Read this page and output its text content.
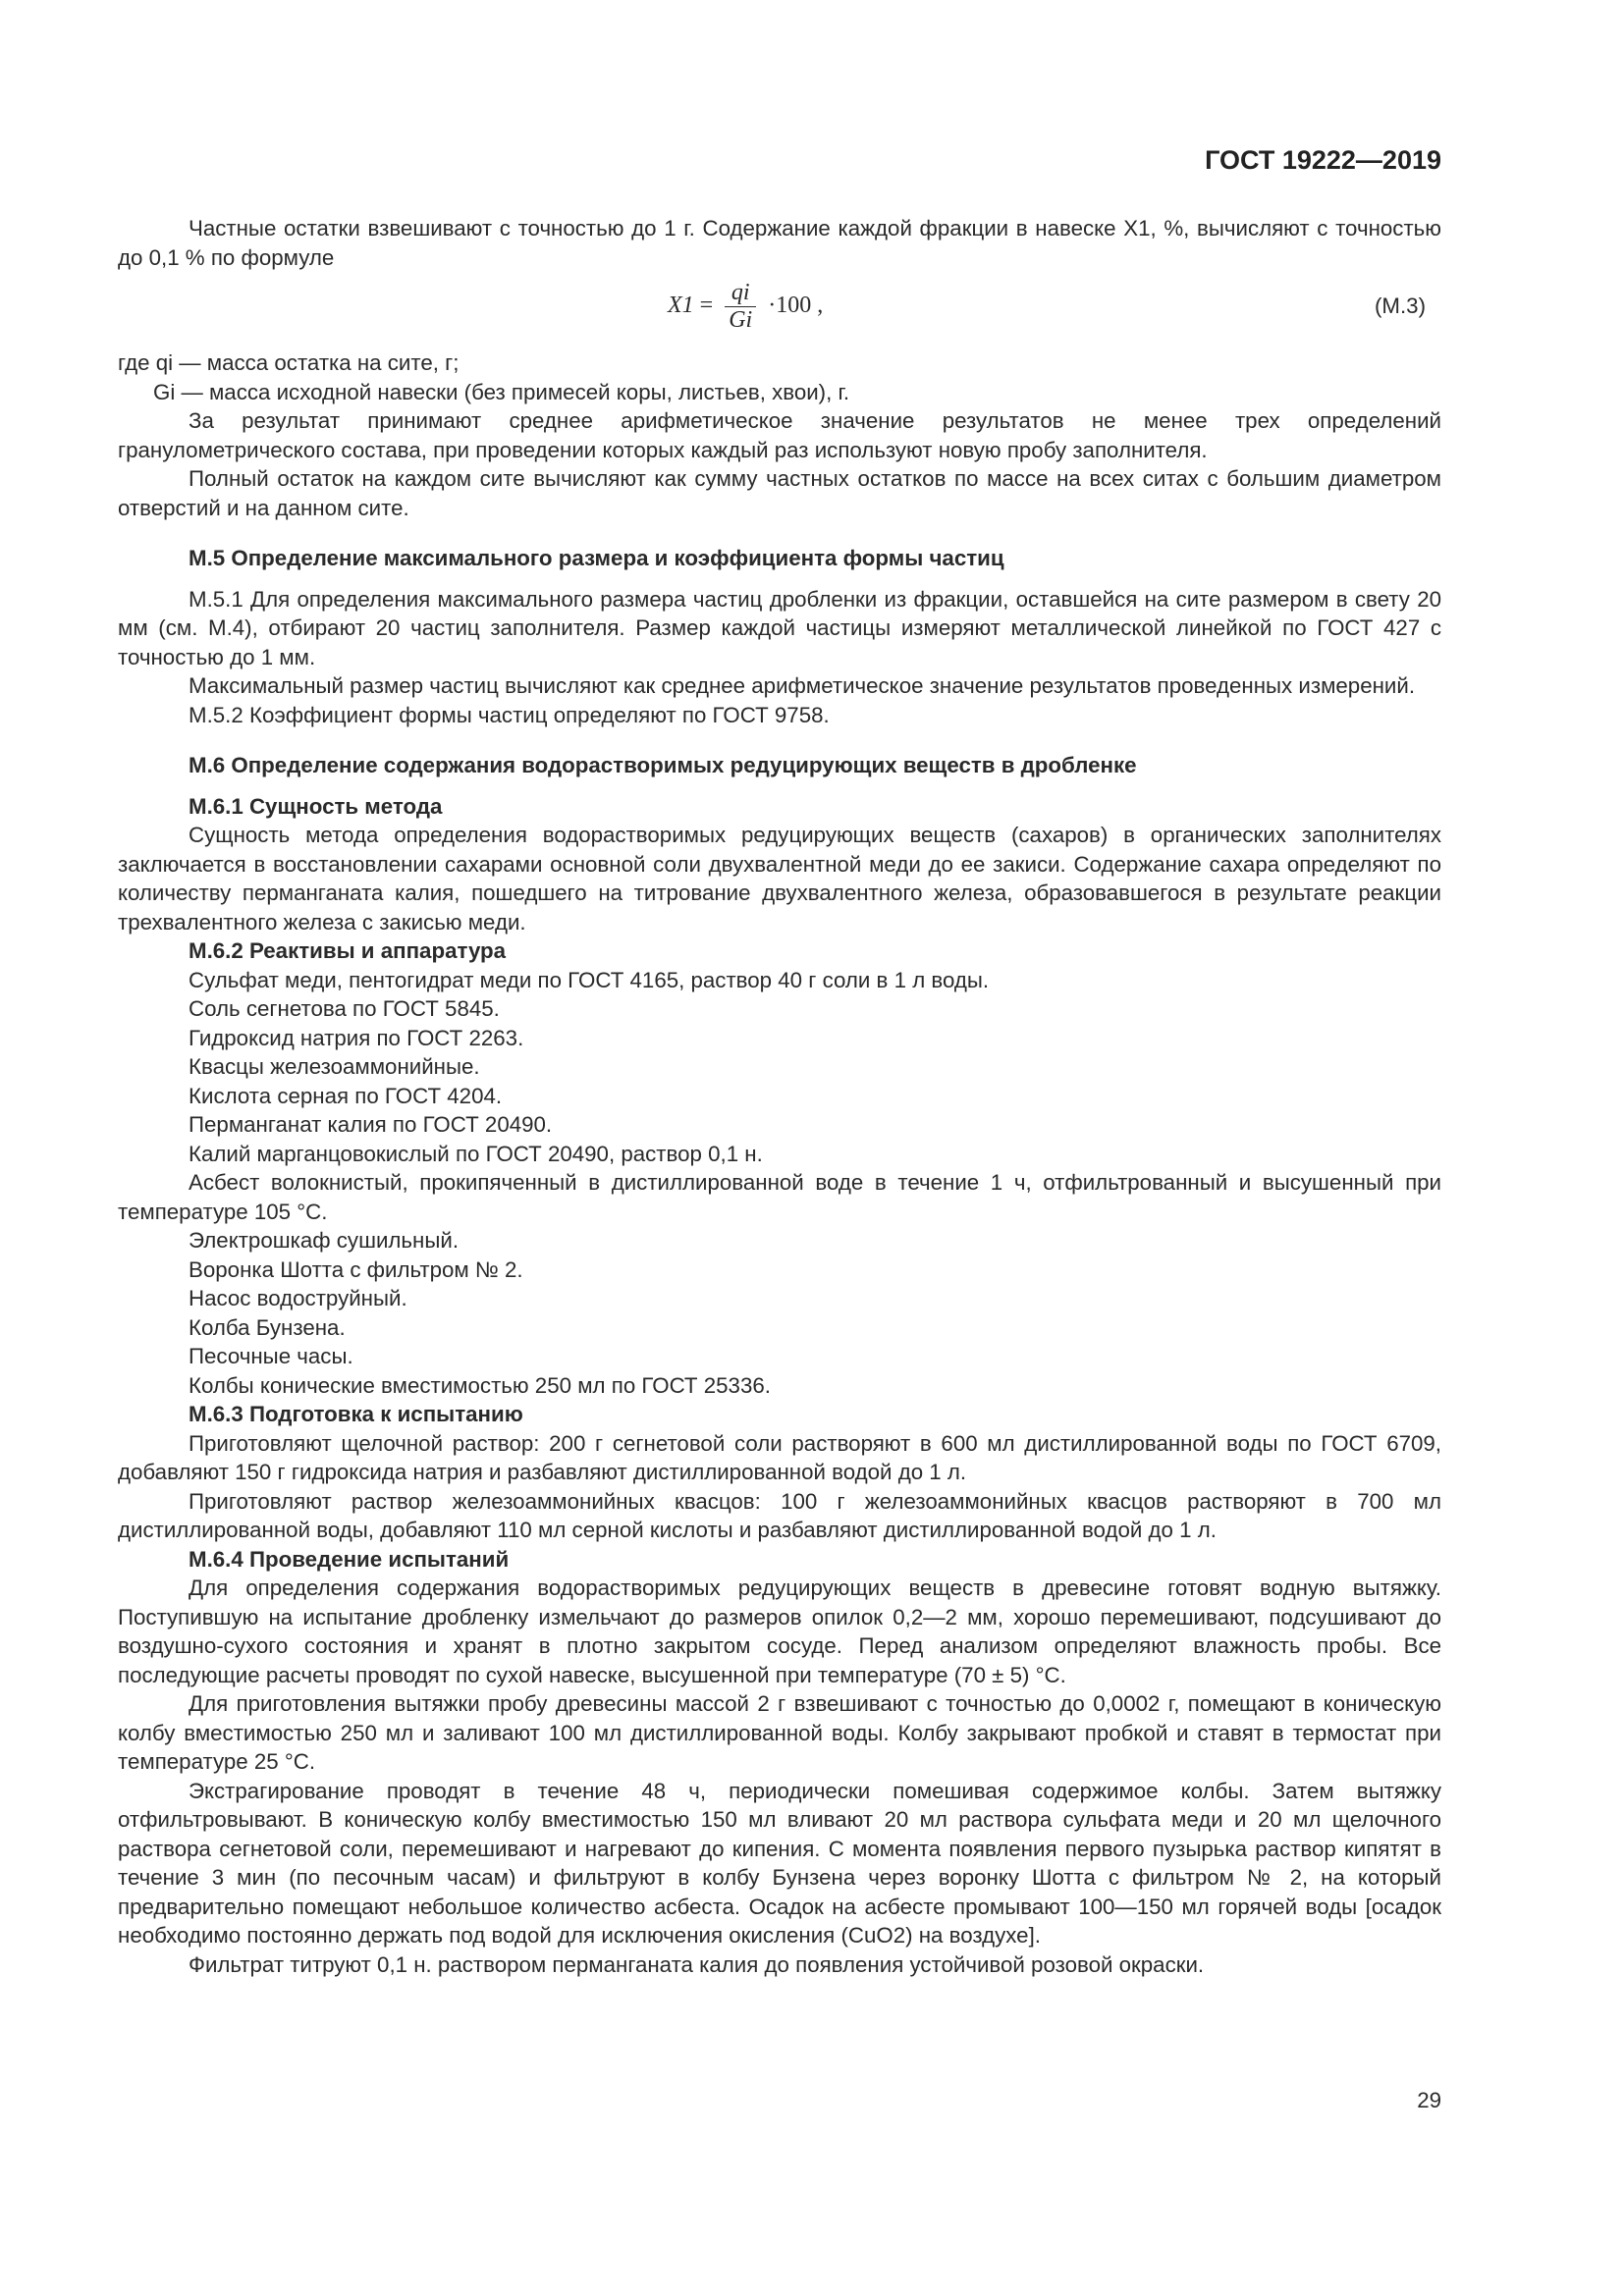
ГОСТ 19222—2019

Частные остатки взвешивают с точностью до 1 г. Содержание каждой фракции в навеске X1, %, вычисляют с точностью до 0,1 % по формуле

$X1 = \frac{qi}{Gi} \cdot 100$ ,	(М.3)

где qi — масса остатка на сите, г;

Gi — масса исходной навески (без примесей коры, листьев, хвои), г.

За результат принимают среднее арифметическое значение результатов не менее трех определений гранулометрического состава, при проведении которых каждый раз используют новую пробу заполнителя.

Полный остаток на каждом сите вычисляют как сумму частных остатков по массе на всех ситах с большим диаметром отверстий и на данном сите.

М.5 Определение максимального размера и коэффициента формы частиц

М.5.1 Для определения максимального размера частиц дробленки из фракции, оставшейся на сите размером в свету 20 мм (см. М.4), отбирают 20 частиц заполнителя. Размер каждой частицы измеряют металлической линейкой по ГОСТ 427 с точностью до 1 мм.

Максимальный размер частиц вычисляют как среднее арифметическое значение результатов проведенных измерений.

М.5.2 Коэффициент формы частиц определяют по ГОСТ 9758.

М.6 Определение содержания водорастворимых редуцирующих веществ в дробленке
М.6.1 Сущность метода

Сущность метода определения водорастворимых редуцирующих веществ (сахаров) в органических заполнителях заключается в восстановлении сахарами основной соли двухвалентной меди до ее закиси. Содержание сахара определяют по количеству перманганата калия, пошедшего на титрование двухвалентного железа, образовавшегося в результате реакции трехвалентного железа с закисью меди.

М.6.2 Реактивы и аппаратура

Сульфат меди, пентогидрат меди по ГОСТ 4165, раствор 40 г соли в 1 л воды.

Соль сегнетова по ГОСТ 5845.

Гидроксид натрия по ГОСТ 2263.

Квасцы железоаммонийные.

Кислота серная по ГОСТ 4204.

Перманганат калия по ГОСТ 20490.

Калий марганцовокислый по ГОСТ 20490, раствор 0,1 н.

Асбест волокнистый, прокипяченный в дистиллированной воде в течение 1 ч, отфильтрованный и высушенный при температуре 105 °С.

Электрошкаф сушильный.

Воронка Шотта с фильтром № 2.

Насос водоструйный.

Колба Бунзена.

Песочные часы.

Колбы конические вместимостью 250 мл по ГОСТ 25336.

М.6.3 Подготовка к испытанию

Приготовляют щелочной раствор: 200 г сегнетовой соли растворяют в 600 мл дистиллированной воды по ГОСТ 6709, добавляют 150 г гидроксида натрия и разбавляют дистиллированной водой до 1 л.

Приготовляют раствор железоаммонийных квасцов: 100 г железоаммонийных квасцов растворяют в 700 мл дистиллированной воды, добавляют 110 мл серной кислоты и разбавляют дистиллированной водой до 1 л.

М.6.4 Проведение испытаний

Для определения содержания водорастворимых редуцирующих веществ в древесине готовят водную вытяжку. Поступившую на испытание дробленку измельчают до размеров опилок 0,2—2 мм, хорошо перемешивают, подсушивают до воздушно-сухого состояния и хранят в плотно закрытом сосуде. Перед анализом определяют влажность пробы. Все последующие расчеты проводят по сухой навеске, высушенной при температуре (70 ± 5) °С.

Для приготовления вытяжки пробу древесины массой 2 г взвешивают с точностью до 0,0002 г, помещают в коническую колбу вместимостью 250 мл и заливают 100 мл дистиллированной воды. Колбу закрывают пробкой и ставят в термостат при температуре 25 °С.

Экстрагирование проводят в течение 48 ч, периодически помешивая содержимое колбы. Затем вытяжку отфильтровывают. В коническую колбу вместимостью 150 мл вливают 20 мл раствора сульфата меди и 20 мл щелочного раствора сегнетовой соли, перемешивают и нагревают до кипения. С момента появления первого пузырька раствор кипятят в течение 3 мин (по песочным часам) и фильтруют в колбу Бунзена через воронку Шотта с фильтром № 2, на который предварительно помещают небольшое количество асбеста. Осадок на асбесте промывают 100—150 мл горячей воды [осадок необходимо постоянно держать под водой для исключения окисления (CuO2) на воздухе].

Фильтрат титруют 0,1 н. раствором перманганата калия до появления устойчивой розовой окраски.

29
